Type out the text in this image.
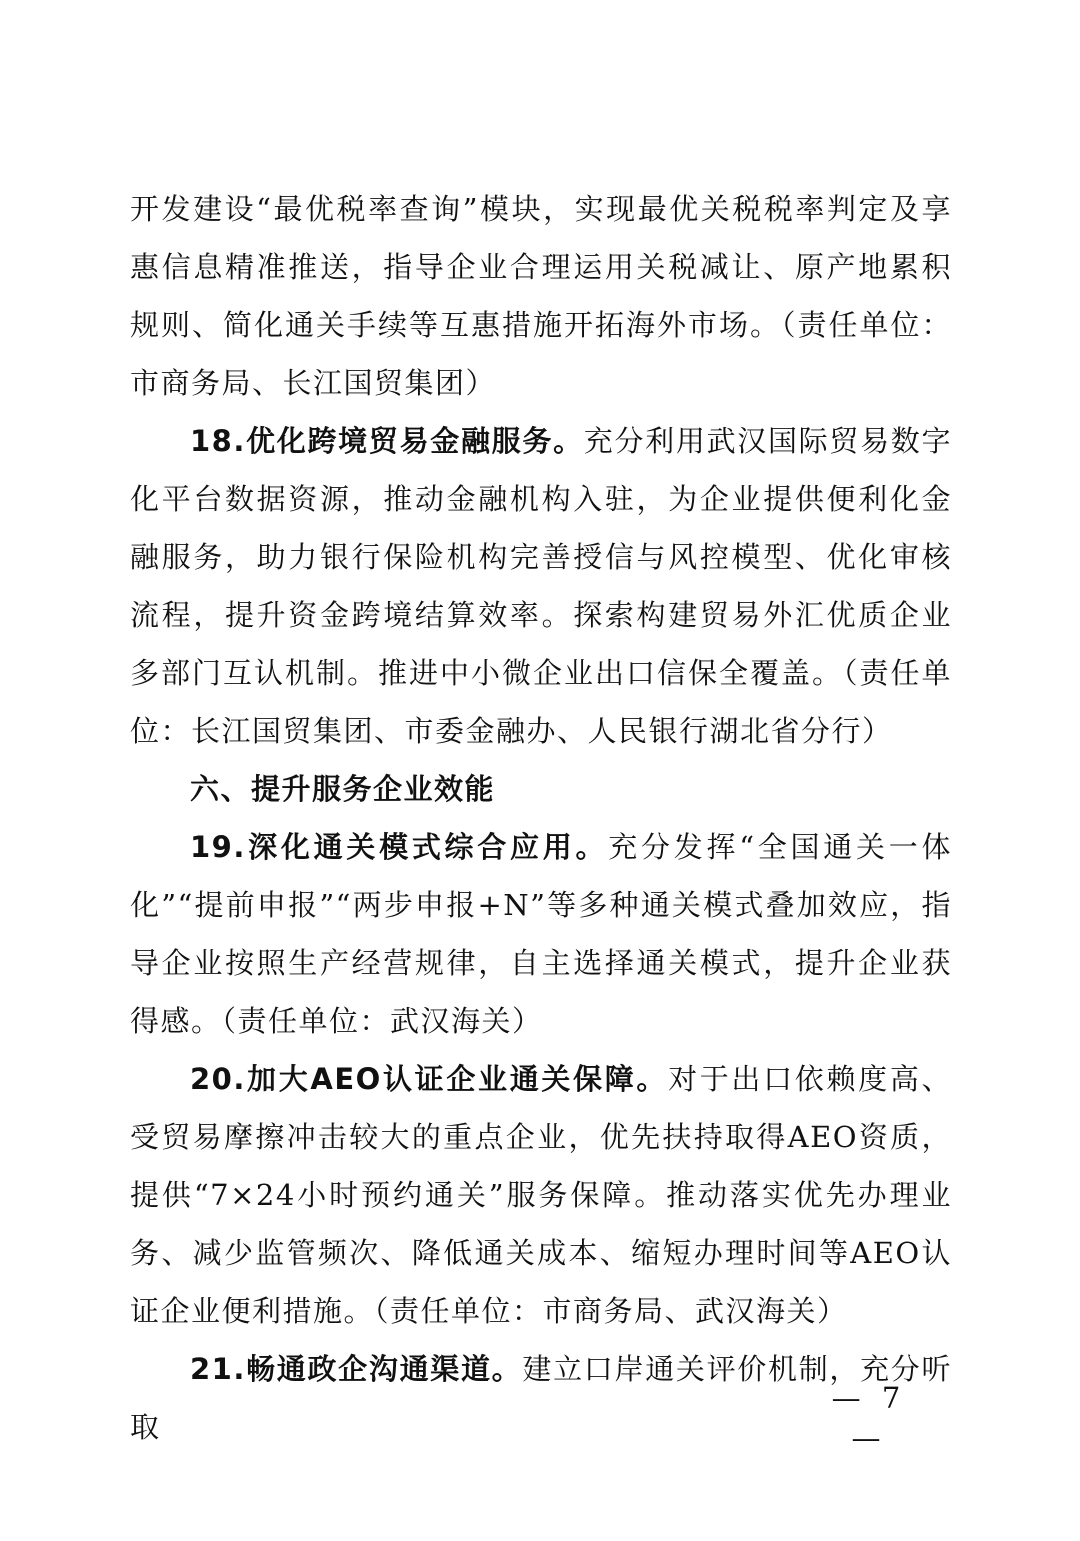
开发建设“最优税率查询”模块，实现最优关税税率判定及享惠信息精准推送，指导企业合理运用关税减让、原产地累积规则、简化通关手续等互惠措施开拓海外市场。（责任单位：市商务局、长江国贸集团）

18.优化跨境贸易金融服务。充分利用武汉国际贸易数字化平台数据资源，推动金融机构入驻，为企业提供便利化金融服务，助力银行保险机构完善授信与风控模型、优化审核流程，提升资金跨境结算效率。探索构建贸易外汇优质企业多部门互认机制。推进中小微企业出口信保全覆盖。（责任单位：长江国贸集团、市委金融办、人民银行湖北省分行）

六、提升服务企业效能

19.深化通关模式综合应用。充分发挥“全国通关一体化”“提前申报”“两步申报+N”等多种通关模式叠加效应，指导企业按照生产经营规律，自主选择通关模式，提升企业获得感。（责任单位：武汉海关）

20.加大AEO认证企业通关保障。对于出口依赖度高、受贸易摩擦冲击较大的重点企业，优先扶持取得AEO资质，提供“7×24小时预约通关”服务保障。推动落实优先办理业务、减少监管频次、降低通关成本、缩短办理时间等AEO认证企业便利措施。（责任单位：市商务局、武汉海关）

21.畅通政企沟通渠道。建立口岸通关评价机制，充分听取

— 7 —
